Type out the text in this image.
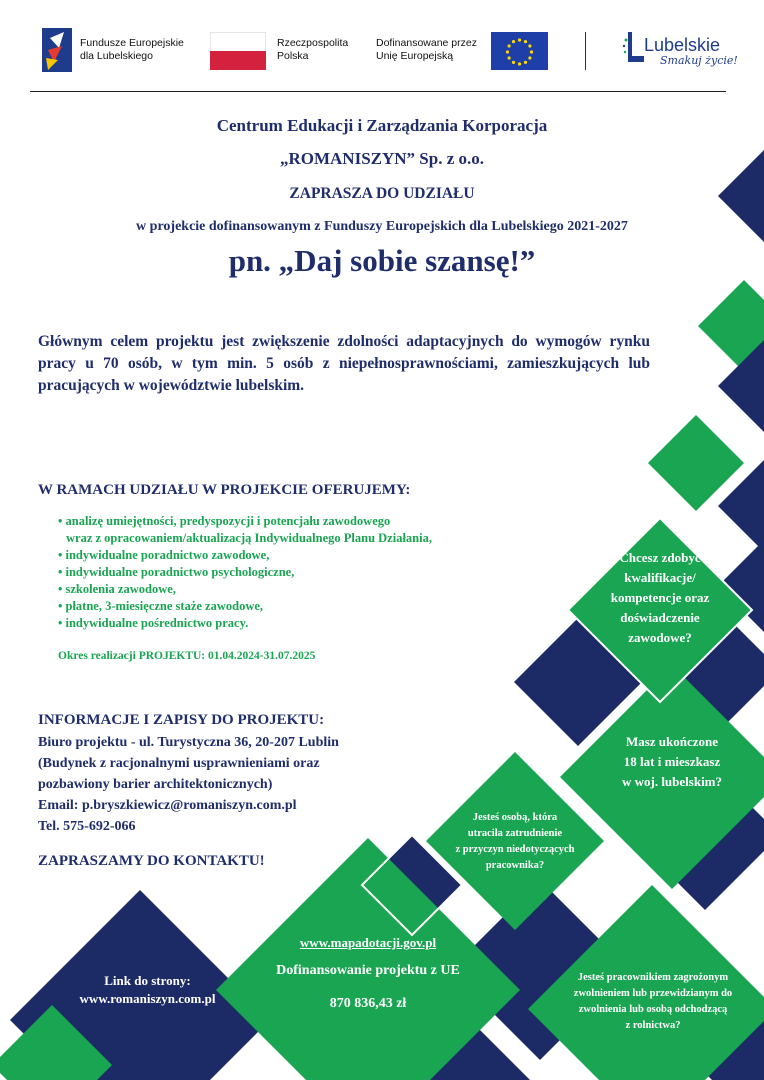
Fundusze Europejskie
dla Lubelskiego
Rzeczpospolita
Polska
Dofinansowane przez
Unię Europejską
Lubelskie
Smakuj życie!
Centrum Edukacji i Zarządzania Korporacja
„ROMANISZYN” Sp. z o.o.
ZAPRASZA DO UDZIAŁU
w projekcie dofinansowanym z Funduszy Europejskich dla Lubelskiego 2021-2027
pn. „Daj sobie szansę!”
Głównym celem projektu jest zwiększenie zdolności adaptacyjnych do wymogów rynku pracy u 70 osób, w tym min. 5 osób z niepełnosprawnościami, zamieszkujących lub pracujących w województwie lubelskim.
W RAMACH UDZIAŁU W PROJEKCIE OFERUJEMY:
• analizę umiejętności, predyspozycji i potencjału zawodowego
wraz z opracowaniem/aktualizacją Indywidualnego Planu Działania,
• indywidualne poradnictwo zawodowe,
• indywidualne poradnictwo psychologiczne,
• szkolenia zawodowe,
• płatne, 3-miesięczne staże zawodowe,
• indywidualne pośrednictwo pracy.
Okres realizacji PROJEKTU: 01.04.2024-31.07.2025
INFORMACJE I ZAPISY DO PROJEKTU:
Biuro projektu - ul. Turystyczna 36, 20-207 Lublin
(Budynek z racjonalnymi usprawnieniami oraz
pozbawiony barier architektonicznych)
Email: p.bryszkiewicz@romaniszyn.com.pl
Tel. 575-692-066
ZAPRASZAMY DO KONTAKTU!
Chcesz zdobyć
kwalifikacje/
kompetencje oraz
doświadczenie
zawodowe?
Masz ukończone
18 lat i mieszkasz
w woj. lubelskim?
Jesteś osobą, która
utraciła zatrudnienie
z przyczyn niedotyczących
pracownika?
Jesteś pracownikiem zagrożonym
zwolnieniem lub przewidzianym do
zwolnienia lub osobą odchodzącą
z rolnictwa?
Link do strony:
www.romaniszyn.com.pl
www.mapadotacji.gov.pl
Dofinansowanie projektu z UE
870 836,43 zł
